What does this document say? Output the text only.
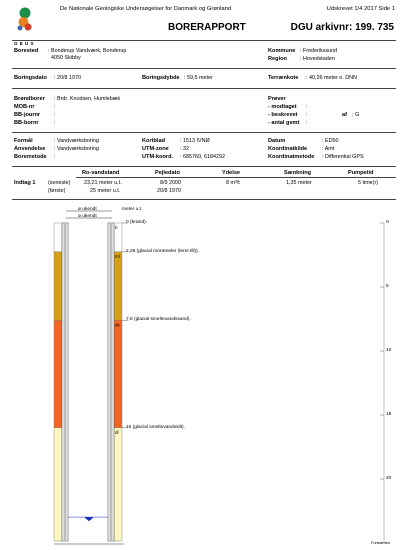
G E U S
De Nationale Geologiske Undersøgelser for Danmark og Grønland	Udskrevet 1/4 2017 Side 1
BORERAPPORT	DGU arkivnr: 199. 735
Borested : Bonderup Vandværk, Bonderup
4050 Skibby
Kommune : Frederikssund
Region : Hovedstaden
Boringsdato : 20/8 1970	Boringsdybde : 59,5 meter	Terrænkote : 40,26 meter o. DNN
Brøndborer : Brdr. Knudsen, Humlebæk
MOB-nr	:
BB-journr	:
BB-bornr	:
Prøver
- modtaget :
- beskrevet :	af : G
- antal gemt :
Formål	: Vandværksboring
Anvendelse : Vandværksboring
Boremetode :
Kortblad	: 1513 IVNØ
UTM-zone : 32
UTM-koord. : 685760, 6184292
Datum	: ED50
Koordinatkilde	: Amt
Koordinatmetode : Differential GPS
Ro-vandstand	Pejledato	Ydelse	Sænkning	Pumpetid
Indtag 1 (seneste)	23,21 meter u.t.	8/9 2000	8 m³/t	1,35 meter	5 time(r)
(første)	25 meter u.t.	20/8 1970
b
ml
ds
dl
ø ukendt
ø ukendt
meter u.t.
0 (brønd).
2,25 (glacial moræneler (leret till)).
7,6 (glacial smeltevandssand).
16 (glacial smeltevandssilt).
0
5
10
15
20
Fortsættes
